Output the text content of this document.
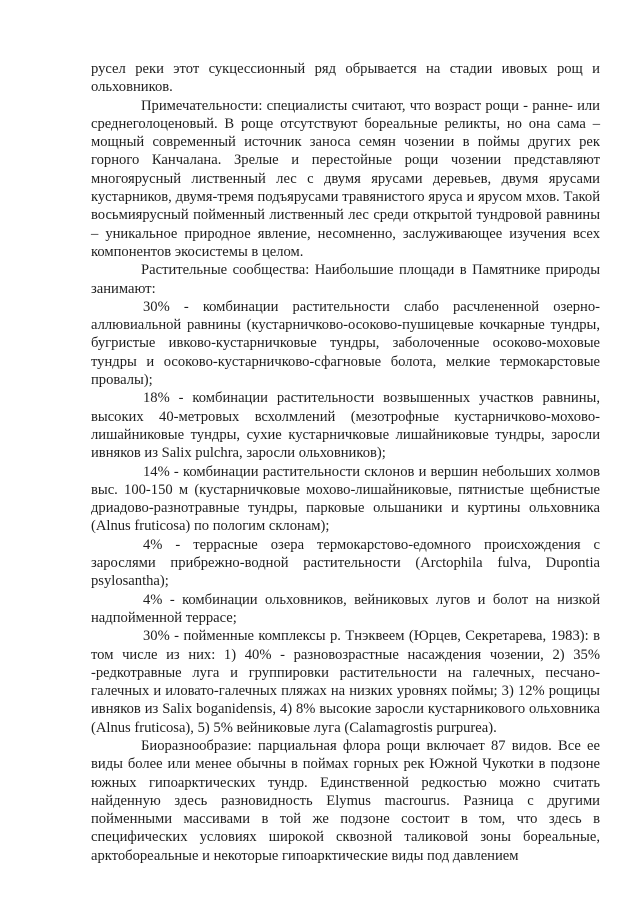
русел реки этот сукцессионный ряд обрывается на стадии ивовых рощ и ольховников.

Примечательности: специалисты считают, что возраст рощи - ранне- или среднеголоценовый. В роще отсутствуют бореальные реликты, но она сама – мощный современный источник заноса семян чозении в поймы других рек горного Канчалана. Зрелые и перестойные рощи чозении представляют многоярусный лиственный лес с двумя ярусами деревьев, двумя ярусами кустарников, двумя-тремя подъярусами травянистого яруса и ярусом мхов. Такой восьмиярусный пойменный лиственный лес среди открытой тундровой равнины – уникальное природное явление, несомненно, заслуживающее изучения всех компонентов экосистемы в целом.

Растительные сообщества: Наибольшие площади в Памятнике природы занимают:

30% - комбинации растительности слабо расчлененной озерно-аллювиальной равнины (кустарничково-осоково-пушицевые кочкарные тундры, бугристые ивково-кустарничковые тундры, заболоченные осоково-моховые тундры и осоково-кустарничково-сфагновые болота, мелкие термокарстовые провалы);

18% - комбинации растительности возвышенных участков равнины, высоких 40-метровых всхолмлений (мезотрофные кустарничково-мохово-лишайниковые тундры, сухие кустарничковые лишайниковые тундры, заросли ивняков из Salix pulchra, заросли ольховников);

14% - комбинации растительности склонов и вершин небольших холмов выс. 100-150 м (кустарничковые мохово-лишайниковые, пятнистые щебнистые дриадово-разнотравные тундры, парковые ольшаники и куртины ольховника (Alnus fruticosa) по пологим склонам);

4% - террасные озера термокарстово-едомного происхождения с зарослями прибрежно-водной растительности (Arctophila fulva, Dupontia psylosantha);

4% - комбинации ольховников, вейниковых лугов и болот на низкой надпойменной террасе;

30% - пойменные комплексы р. Тнэквеем (Юрцев, Секретарева, 1983): в том числе из них: 1) 40% - разновозрастные насаждения чозении, 2) 35% -редкотравные луга и группировки растительности на галечных, песчано-галечных и иловато-галечных пляжах на низких уровнях поймы; 3) 12% рощицы ивняков из Salix boganidensis, 4) 8% высокие заросли кустарникового ольховника (Alnus fruticosa), 5) 5% вейниковые луга (Calamagrostis purpurea).

Биоразнообразие: парциальная флора рощи включает 87 видов. Все ее виды более или менее обычны в поймах горных рек Южной Чукотки в подзоне южных гипоарктических тундр. Единственной редкостью можно считать найденную здесь разновидность Elymus macrourus. Разница с другими пойменными массивами в той же подзоне состоит в том, что здесь в специфических условиях широкой сквозной таликовой зоны бореальные, арктобореальные и некоторые гипоарктические виды под давлением
